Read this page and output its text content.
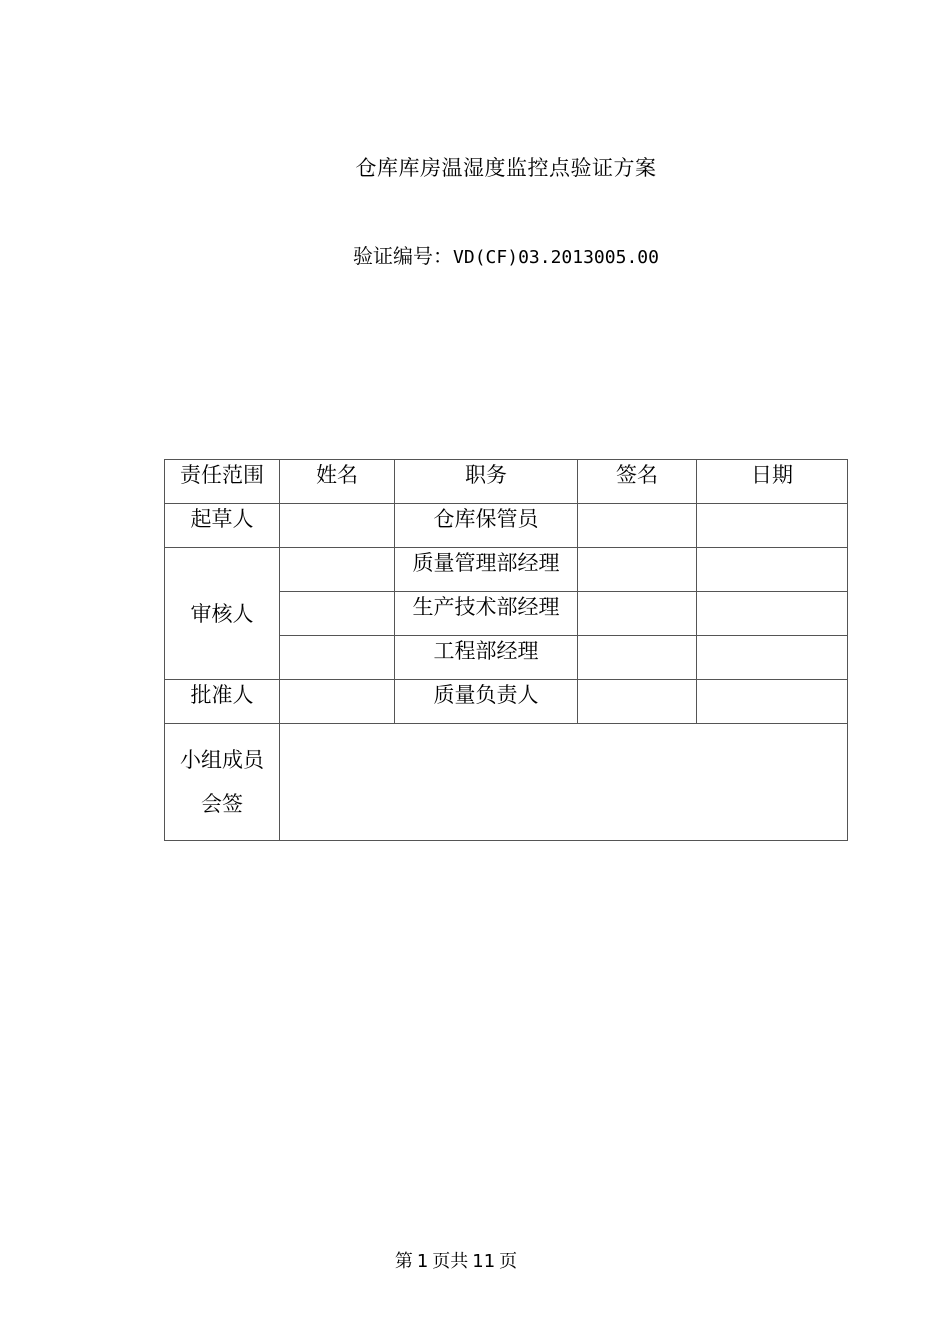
仓库库房温湿度监控点验证方案
验证编号：VD(CF)03.2013005.00
责任范围	姓名	职务	签名	日期
起草人		仓库保管员		
审核人		质量管理部经理		
		生产技术部经理		
		工程部经理		
批准人		质量负责人		

小组成员
会签				

第 1 页共 11 页
